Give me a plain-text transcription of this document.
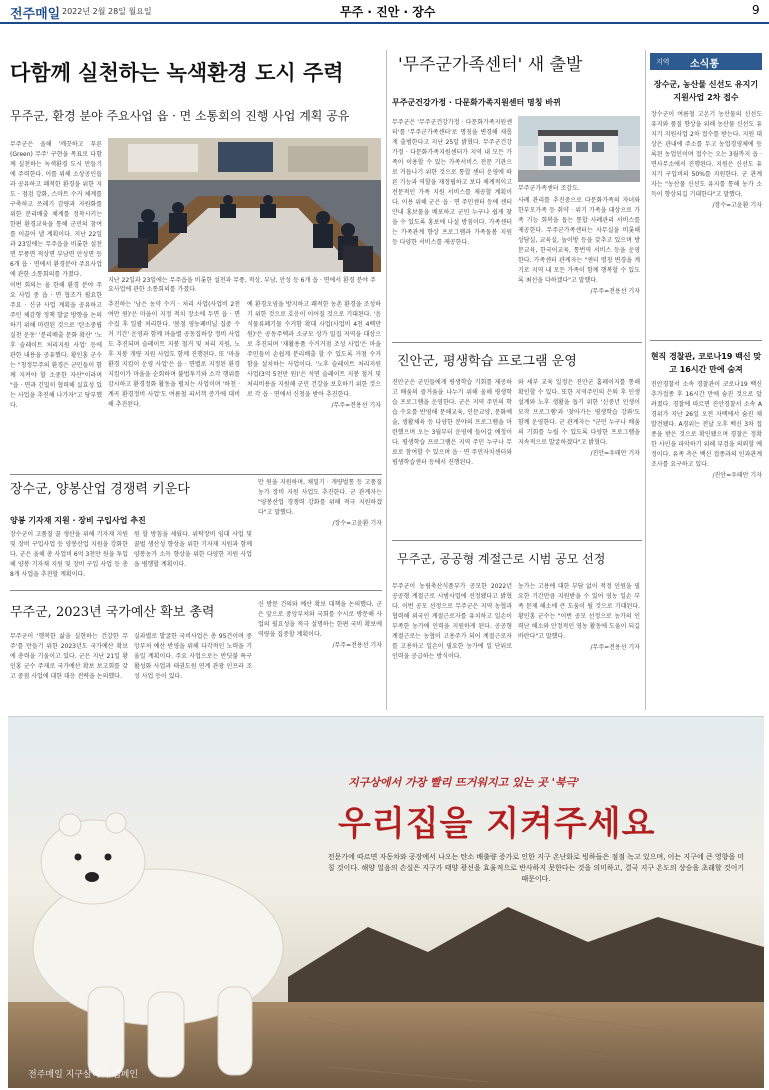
전주매일 2022년 2월 28일 월요일	무주 · 진안 · 장수	9
다함께 실천하는 녹색환경 도시 주력
무주군, 환경 분야 주요사업 읍 · 면 소통회의 진행 사업 계획 공유

무주군은 올해 '깨끗하고 푸른(Green) 무주' 구현을 목표로 다함께 실천하는 녹색환경 도시 만들기에 주력한다. 이를 위해 소상공인들과 공유하고 쾌적한 환경을 위한 지도 · 점검 강화, 스마트 수거 체계를 구축하고 쓰레기 감량과 자원화를 위한 분리배출 체계를 정착시키는 한편 환경교육을 통해 군민의 참여를 이끌어 낼 계획이다. 지난 22일과 23일에는 무주읍을 비롯한 설천면 무풍면 적상면 부남면 안성면 등 6개 읍 · 면에서 환경분야 주요사업에 관한 소통회의를 가졌다.

이번 회의는 올 한해 환경 분야 주요 사업 중 읍 · 면 협조가 필요한 주요 · 신규 사업 계획을 공유하고 주민 체감형 정책 발굴 방향을 논의하기 위해 마련된 것으로 '탄소중립 실천 운동' '분리배출 문화 확산' '노후 슬레이트 처리지원 사업' 등에 관한 내용을 공유했다. 황인홍 군수는 "청정무주의 환경은 군민들이 함께 지켜야 할 소중한 자산"이라며 "읍 · 면과 긴밀히 협력해 실효성 있는 사업을 추진해 나가자"고 당부했다.

지난 22일과 23일에는 무주읍을 비롯한 설천과 무풍, 적상, 부남, 안성 등 6개 읍 · 면에서 환경 분야 주요사업에 관한 소통회의를 가졌다.

추진하는 '남은 농약 수거 · 처리 사업(사업비 2천여만 원)'은 마을이 지정 적치 장소에 두면 읍 · 면 수집 후 일괄 처리한다. '봄철 영농폐비닐 집중 수거 기간' 운영과 함께 마을별 공동집하장 정비 사업도 추진되며 슬레이트 지붕 철거 및 처리 지원, 노후 지붕 개량 지원 사업도 함께 진행된다. 또 '마을 환경 지킴이 운영 사업'은 읍 · 면별로 지정된 환경지킴이가 마을을 순회하며 불법투기와 소각 행위를 감시하고 환경정화 활동을 펼치는 사업이며 '하천 · 계곡 환경정비 사업'도 여름철 피서객 증가에 대비해 추진된다.

예 환경오염을 방지하고 쾌적한 농촌 환경을 조성하기 위한 것으로 호응이 이어질 것으로 기대된다. '음식물류폐기물 수거함 확대 사업(사업비 4천 4백만 원)'은 공동주택과 소규모 상가 밀집 지역을 대상으로 추진되며 '재활용품 수거거점 조성 사업'은 마을 주민들이 손쉽게 분리배출 할 수 있도록 거점 수거함을 설치하는 사업이다. '노후 슬레이트 처리지원 사업(3억 5천만 원)'은 석면 슬레이트 지붕 철거 및 처리비용을 지원해 군민 건강을 보호하기 위한 것으로 각 읍 · 면에서 신청을 받아 추진한다.

/무주=전용선 기자

'무주군가족센터' 새 출발
무주군건강가정 · 다문화가족지원센터 명칭 바뀌

무주군은 '무주군건강가정 · 다문화가족지원센터'를 '무주군가족센터'로 명칭을 변경해 새롭게 출범한다고 지난 25일 밝혔다. 무주군건강가정 · 다문화가족지원센터가 지역 내 모든 가족이 이용할 수 있는 가족서비스 전문 기관으로 거듭나기 위한 것으로 통합 센터 운영에 따른 기능과 역할을 재정립하고 보다 체계적이고 전문적인 가족 지원 서비스를 제공할 계획이다. 이용 위해 군은 읍 · 면 주민센터 등에 센터 안내 홍보물을 배포하고 군민 누구나 쉽게 찾을 수 있도록 홍보에 나설 방침이다. 가족센터는 가족관계 향상 프로그램과 가족돌봄 지원 등 다양한 서비스를 제공한다.

무주군가족센터 조감도.

사례 관리를 추진중으로 다문화가족의 자녀와 한부모가족 등 취약 · 위기 가족을 대상으로 가족 기능 회복을 돕는 통합 사례관리 서비스를 제공한다. 무주군가족센터는 사무실을 비롯해 상담실, 교육실, 놀이방 등을 갖추고 있으며 방문교육, 한국어교육, 통번역 서비스 등을 운영한다. 가족센터 관계자는 "센터 명칭 변경을 계기로 지역 내 모든 가족이 함께 행복할 수 있도록 최선을 다하겠다"고 말했다.

/무주=전용선 기자

진안군, 평생학습 프로그램 운영

진안군은 군민들에게 평생학습 기회를 제공하고 배움의 즐거움을 나누기 위해 올해 평생학습 프로그램을 운영한다. 군은 지역 주민의 학습 수요를 반영해 문해교육, 인문교양, 문화예술, 생활체육 등 다양한 분야의 프로그램을 마련했으며 오는 3월부터 운영에 들어갈 예정이다. 평생학습 프로그램은 지역 주민 누구나 무료로 참여할 수 있으며 읍 · 면 주민자치센터와 평생학습센터 등에서 진행된다.

와 세부 교육 일정은 진안군 홈페이지를 통해 확인할 수 있다. 또한 지역주민의 은퇴 후 인생설계와 노후 생활을 돕기 위한 '신중년 인생이모작 프로그램'과 '찾아가는 평생학습 강좌'도 함께 운영한다. 군 관계자는 "군민 누구나 배움의 기회를 누릴 수 있도록 다양한 프로그램을 지속적으로 발굴하겠다"고 밝혔다.

/진안=우태만 기자

무주군, 공공형 계절근로 시범 공모 선정

무주군이 농림축산식품부가 공모한 2022년 공공형 계절근로 시범사업에 선정됐다고 밝혔다. 이번 공모 선정으로 무주군은 지역 농협과 협력해 외국인 계절근로자를 유치하고 일손이 부족한 농가에 인력을 지원하게 된다. 공공형 계절근로는 농협이 고용주가 되어 계절근로자를 고용하고 일손이 필요한 농가에 일 단위로 인력을 공급하는 방식이다.

농가는 고용에 대한 부담 없이 적정 인원을 필요한 기간만큼 지원받을 수 있어 영농 일손 부족 문제 해소에 큰 도움이 될 것으로 기대된다. 황인홍 군수는 "이번 공모 선정으로 농가의 인력난 해소와 안정적인 영농 활동에 도움이 되길 바란다"고 말했다.

/무주=전용선 기자

장수군, 양봉산업 경쟁력 키운다
양봉 기자재 지원 · 장비 구입사업 추진

장수군이 고품질 꿀 생산을 위해 기자재 지원 및 장비 구입사업 등 양봉산업 지원을 강화한다. 군은 올해 총 사업비 6억 3천만 원을 투입해 양봉 기자재 지원 및 장비 구입 사업 등 총 8개 사업을 추진할 계획이다.

원 할 방침을 세웠다. 위탁장비 임대 사업 및 꿀벌 생산성 향상을 위한 기자재 지원과 함께 양봉농가 소득 향상을 위한 다양한 지원 사업을 병행할 계획이다.

만 원을 지원하며, 채밀기 · 개량벌통 등 고품질 농가 장비 지원 사업도 추진한다. 군 관계자는 "양봉산업 경쟁력 강화를 위해 적극 지원하겠다"고 말했다.

/장수=고윤환 기자

무주군, 2023년 국가예산 확보 총력

무주군이 '행복한 삶을 실현하는 건강한 무주'를 만들기 위한 2023년도 국가예산 확보에 총력을 기울이고 있다. 군은 지난 21일 황인홍 군수 주재로 국가예산 확보 보고회를 갖고 중점 사업에 대한 대응 전략을 논의했다.

실과별로 발굴한 국비사업은 총 95건이며 중앙부처 예산 반영을 위해 다각적인 노력을 기울일 계획이다. 주요 사업으로는 반딧불 특구 활성화 사업과 태권도원 연계 관광 인프라 조성 사업 등이 있다.

신 방문 건의와 예산 확보 대책을 논의했다. 군은 앞으로 중앙부처와 국회를 수시로 방문해 사업의 필요성을 적극 설명하는 한편 국비 확보에 역량을 집중할 계획이다.

/무주=전용선 기자

지역 소식통
장수군, 농산물 신선도 유지기 지원사업 2차 접수

장수군이 여름철 고온기 농산물의 신선도 유지와 품질 향상을 위해 농산물 신선도 유지기 지원사업 2차 접수를 받는다. 지원 대상은 관내에 주소를 두고 농업경영체에 등록된 농업인이며 접수는 오는 3월까지 읍 · 면사무소에서 진행된다. 지원은 신선도 유지기 구입비의 50%를 지원한다. 군 관계자는 "농산물 신선도 유지를 통해 농가 소득이 향상되길 기대한다"고 말했다.

/장수=고윤환 기자

현직 경찰관, 코로나19 백신 맞고 16시간 만에 숨져

진안경찰서 소속 경찰관이 코로나19 백신 추가접종 후 16시간 만에 숨진 것으로 알려졌다. 경찰에 따르면 진안경찰서 소속 A경위가 지난 26일 오전 자택에서 숨진 채 발견됐다. A경위는 전날 오후 백신 3차 접종을 받은 것으로 확인됐으며 경찰은 정확한 사인을 파악하기 위해 부검을 의뢰할 예정이다. 유족 측은 백신 접종과의 인과관계 조사를 요구하고 있다.

/진안=우태만 기자

지구상에서 가장 빨리 뜨거워지고 있는 곳 '북극'
우리집을 지켜주세요
전문가에 따르면 자동차와 공장에서 나오는 탄소 배출량 증가로 인한 지구 온난화로 빙하들은 점점 녹고 있으며, 이는 지구에 큰 영향을 미칠 것이다. 해양 얼음의 손실은 지구가 태양 광선을 효율적으로 반사하지 못한다는 것을 의미하고, 결국 지구 온도의 상승을 초래할 것이기 때문이다.
전주매일 지구살리기 캠페인
